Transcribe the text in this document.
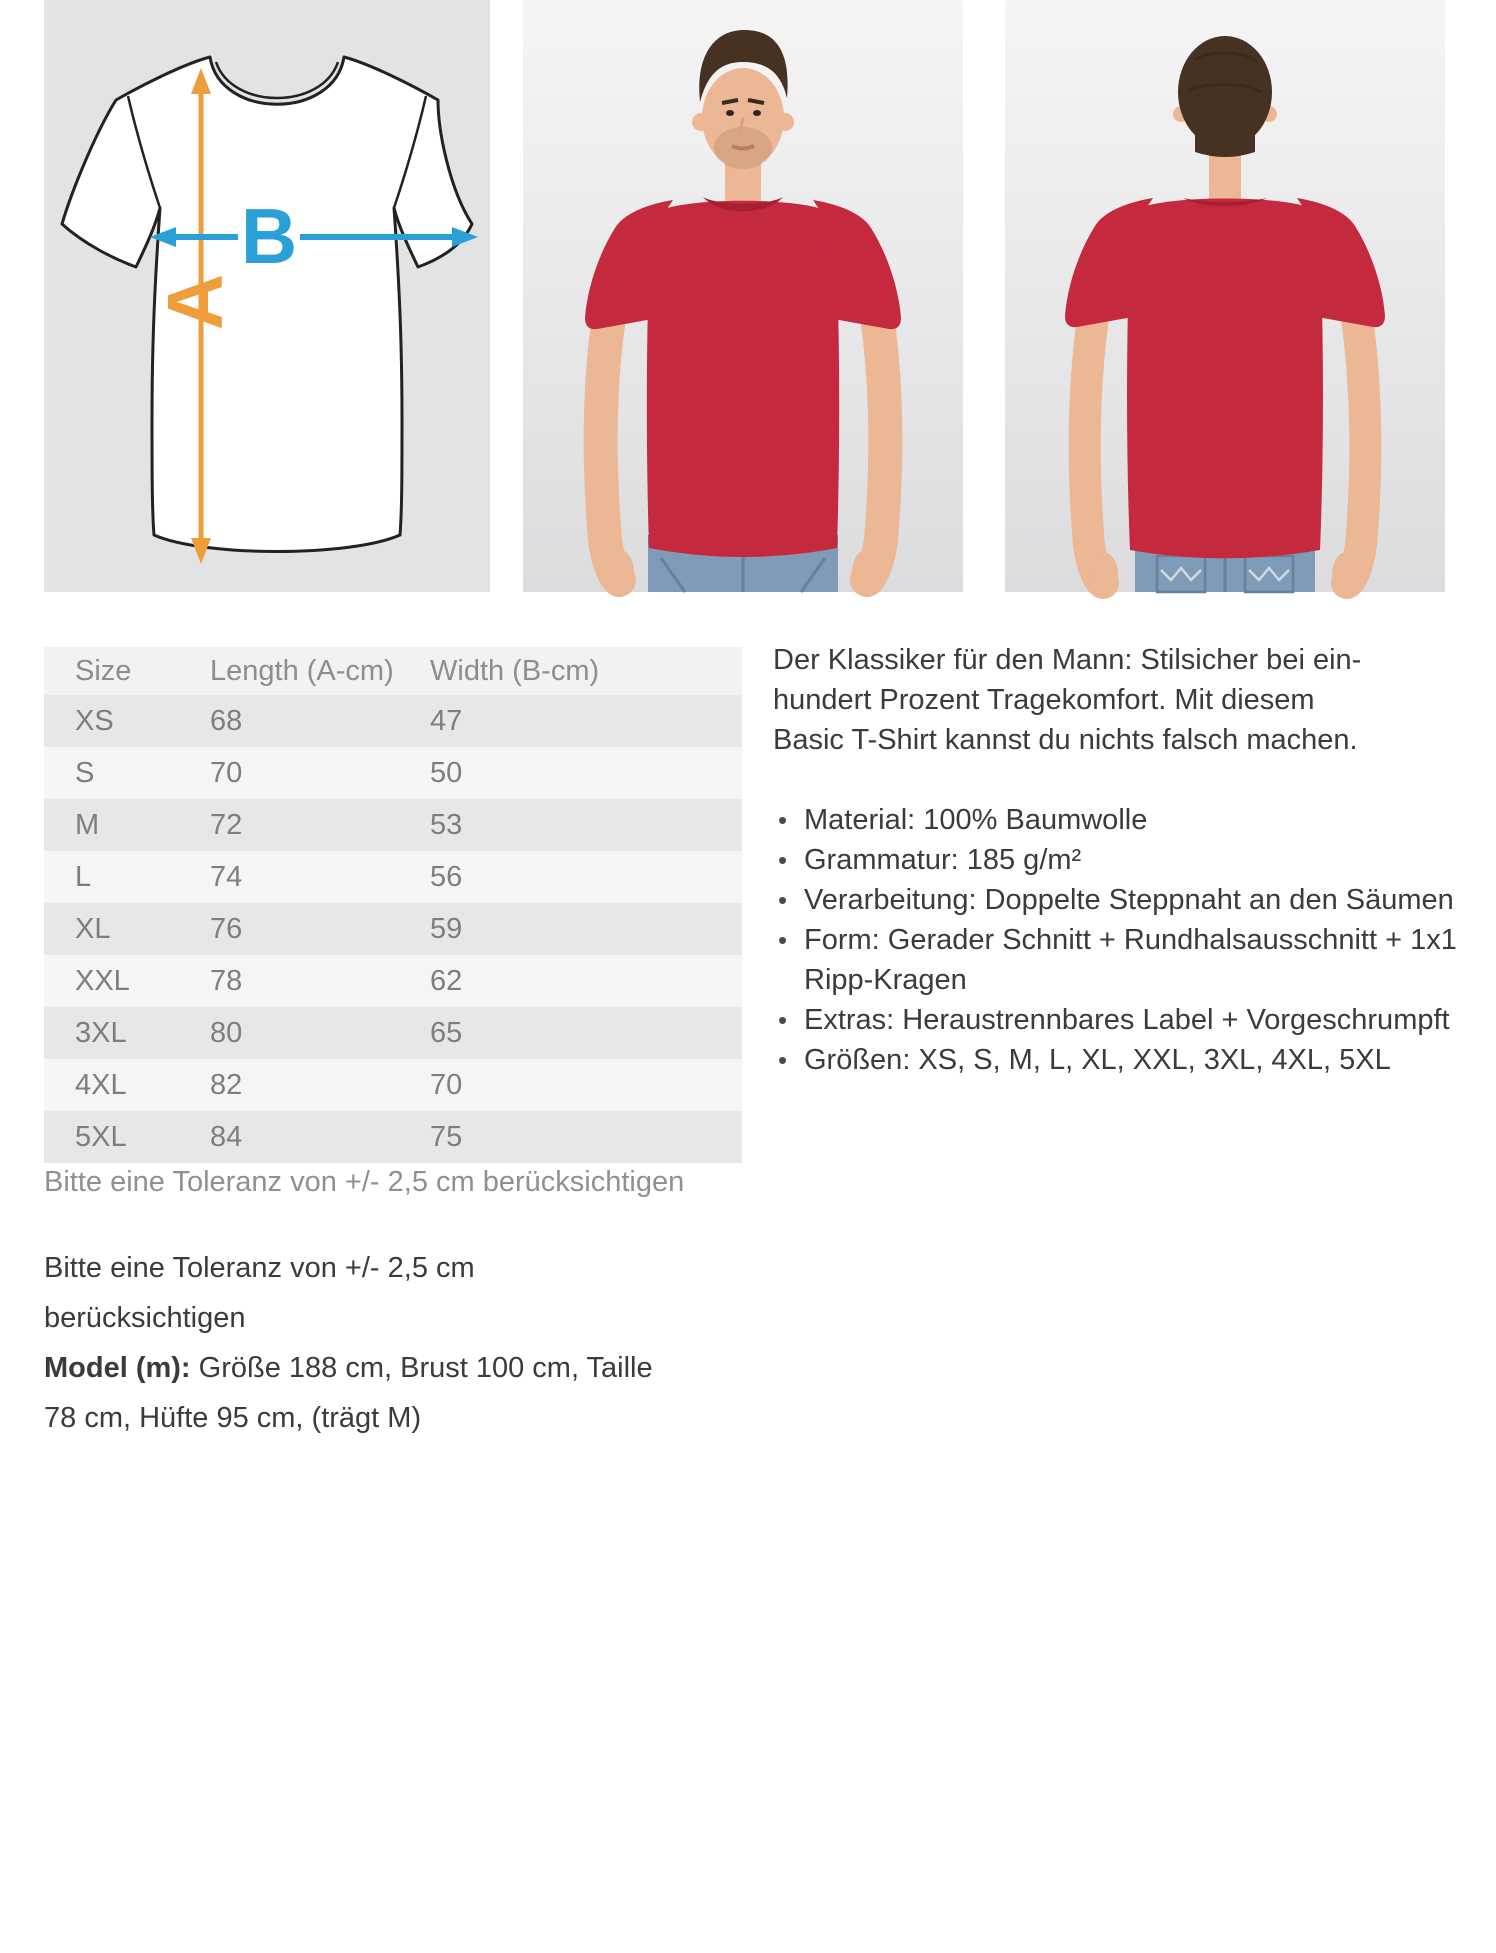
A
B
Size	Length (A-cm)	Width (B-cm)
XS	68	47
S	70	50
M	72	53
L	74	56
XL	76	59
XXL	78	62
3XL	80	65
4XL	82	70
5XL	84	75
Bitte eine Toleranz von +/- 2,5 cm berücksichtigen
Der Klassiker für den Mann: Stilsicher bei ein-
hundert Prozent Tragekomfort. Mit diesem
Basic T-Shirt kannst du nichts falsch machen.
• Material: 100% Baumwolle
• Grammatur: 185 g/m²
• Verarbeitung: Doppelte Steppnaht an den Säumen
• Form: Gerader Schnitt + Rundhalsausschnitt + 1x1 Ripp-Kragen
• Extras: Heraustrennbares Label + Vorgeschrumpft
• Größen: XS, S, M, L, XL, XXL, 3XL, 4XL, 5XL
Bitte eine Toleranz von +/- 2,5 cm berücksichtigen
Model (m): Größe 188 cm, Brust 100 cm, Taille
78 cm, Hüfte 95 cm, (trägt M)
